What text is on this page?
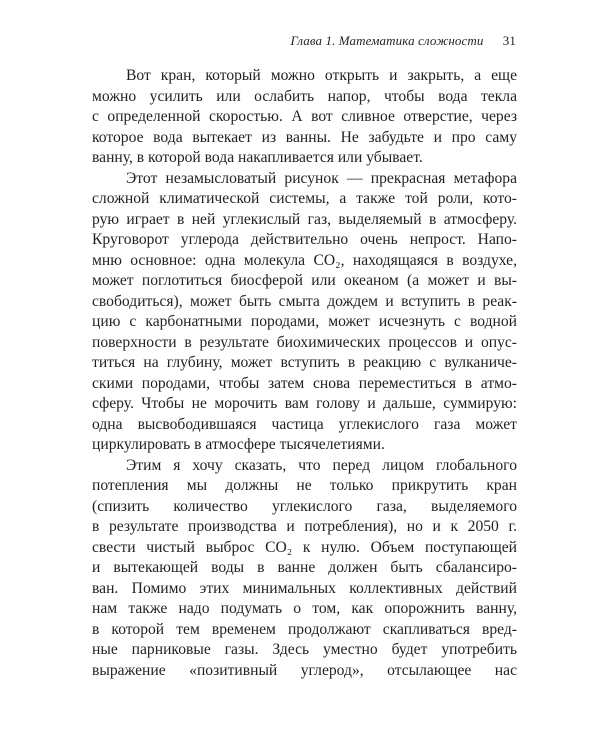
Глава 1. Математика сложности 31
Вот кран, который можно открыть и закрыть, а еще
можно усилить или ослабить напор, чтобы вода текла
с определенной скоростью. А вот сливное отверстие, через
которое вода вытекает из ванны. Не забудьте и про саму
ванну, в которой вода накапливается или убывает.
Этот незамысловатый рисунок — прекрасная метафора
сложной климатической системы, а также той роли, кото-
рую играет в ней углекислый газ, выделяемый в атмосферу.
Круговорот углерода действительно очень непрост. Напо-
мню основное: одна молекула CO₂, находящаяся в воздухе,
может поглотиться биосферой или океаном (а может и вы-
свободиться), может быть смыта дождем и вступить в реак-
цию с карбонатными породами, может исчезнуть с водной
поверхности в результате биохимических процессов и опус-
титься на глубину, может вступить в реакцию с вулканиче-
скими породами, чтобы затем снова переместиться в атмо-
сферу. Чтобы не морочить вам голову и дальше, суммирую:
одна высвободившаяся частица углекислого газа может
циркулировать в атмосфере тысячелетиями.
Этим я хочу сказать, что перед лицом глобального
потепления мы должны не только прикрутить кран
(спизить количество углекислого газа, выделяемого
в результате производства и потребления), но и к 2050 г.
свести чистый выброс CO₂ к нулю. Объем поступающей
и вытекающей воды в ванне должен быть сбалансиро-
ван. Помимо этих минимальных коллективных действий
нам также надо подумать о том, как опорожнить ванну,
в которой тем временем продолжают скапливаться вред-
ные парниковые газы. Здесь уместно будет употребить
выражение «позитивный углерод», отсылающее нас
